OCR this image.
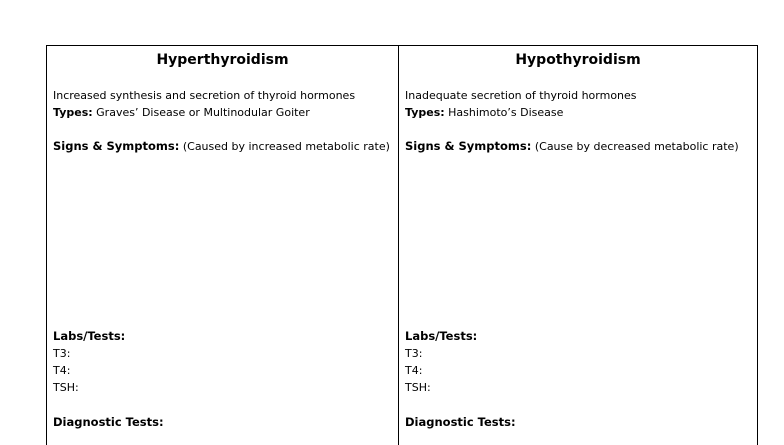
Hyperthyroidism
Increased synthesis and secretion of thyroid hormones
Types: Graves’ Disease or Multinodular Goiter
Signs & Symptoms: (Caused by increased metabolic rate)
Labs/Tests:
T3:
T4:
TSH:
Diagnostic Tests:
Hypothyroidism
Inadequate secretion of thyroid hormones
Types: Hashimoto’s Disease
Signs & Symptoms: (Cause by decreased metabolic rate)
Labs/Tests:
T3:
T4:
TSH:
Diagnostic Tests:
